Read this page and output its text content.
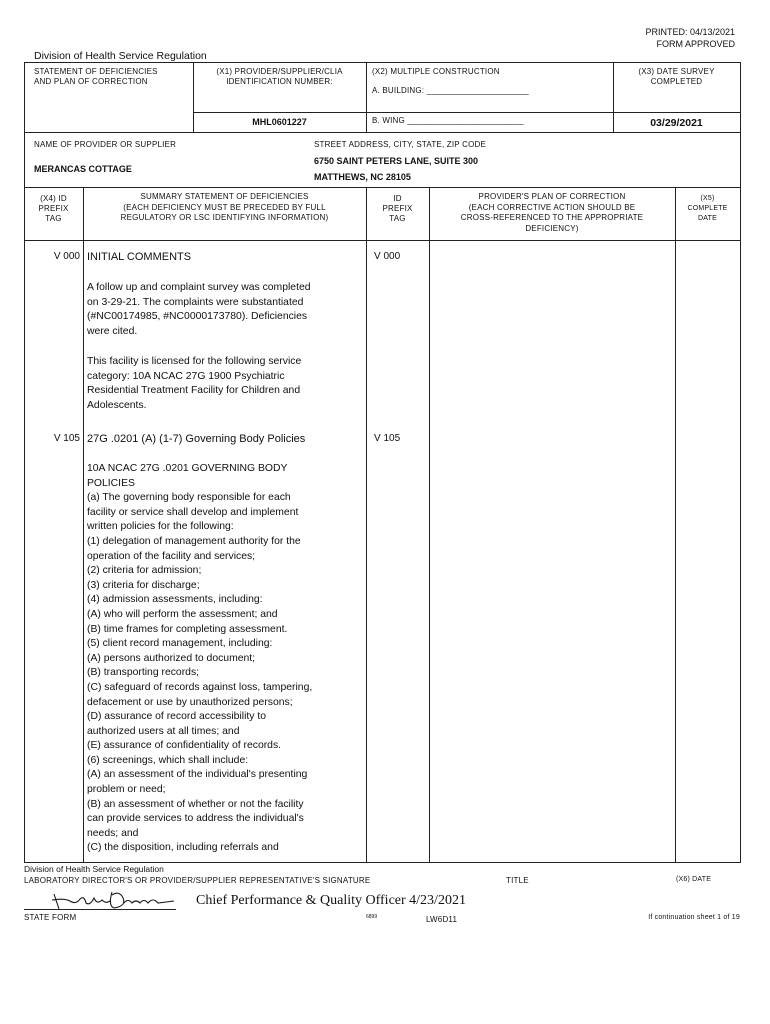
PRINTED: 04/13/2021
FORM APPROVED
Division of Health Service Regulation
STATEMENT OF DEFICIENCIES
AND PLAN OF CORRECTION
(X1) PROVIDER/SUPPLIER/CLIA
IDENTIFICATION NUMBER:
MHL0601227
(X2) MULTIPLE CONSTRUCTION
A. BUILDING: ______________________
B. WING _________________________
(X3) DATE SURVEY
COMPLETED
03/29/2021
NAME OF PROVIDER OR SUPPLIER
MERANCAS COTTAGE
STREET ADDRESS, CITY, STATE, ZIP CODE
6750 SAINT PETERS LANE, SUITE 300
MATTHEWS, NC 28105
(X4) ID
PREFIX
TAG
SUMMARY STATEMENT OF DEFICIENCIES
(EACH DEFICIENCY MUST BE PRECEDED BY FULL
REGULATORY OR LSC IDENTIFYING INFORMATION)
ID
PREFIX
TAG
PROVIDER'S PLAN OF CORRECTION
(EACH CORRECTIVE ACTION SHOULD BE
CROSS-REFERENCED TO THE APPROPRIATE
DEFICIENCY)
(X5)
COMPLETE
DATE
V 000	V 000
INITIAL COMMENTS
A follow up and complaint survey was completed
on 3-29-21. The complaints were substantiated
(#NC00174985, #NC0000173780). Deficiencies
were cited.
This facility is licensed for the following service
category: 10A NCAC 27G 1900 Psychiatric
Residential Treatment Facility for Children and
Adolescents.
V 105	V 105
27G .0201 (A) (1-7) Governing Body Policies
10A NCAC 27G .0201 GOVERNING BODY
POLICIES
(a) The governing body responsible for each
facility or service shall develop and implement
written policies for the following:
(1) delegation of management authority for the
operation of the facility and services;
(2) criteria for admission;
(3) criteria for discharge;
(4) admission assessments, including:
(A) who will perform the assessment; and
(B) time frames for completing assessment.
(5) client record management, including:
(A) persons authorized to document;
(B) transporting records;
(C) safeguard of records against loss, tampering,
defacement or use by unauthorized persons;
(D) assurance of record accessibility to
authorized users at all times; and
(E) assurance of confidentiality of records.
(6) screenings, which shall include:
(A) an assessment of the individual's presenting
problem or need;
(B) an assessment of whether or not the facility
can provide services to address the individual's
needs; and
(C) the disposition, including referrals and
Division of Health Service Regulation
LABORATORY DIRECTOR'S OR PROVIDER/SUPPLIER REPRESENTATIVE'S SIGNATURE	TITLE	(X6) DATE
Chief Performance & Quality Officer 4/23/2021
STATE FORM	6899	LW6D11	If continuation sheet 1 of 19
